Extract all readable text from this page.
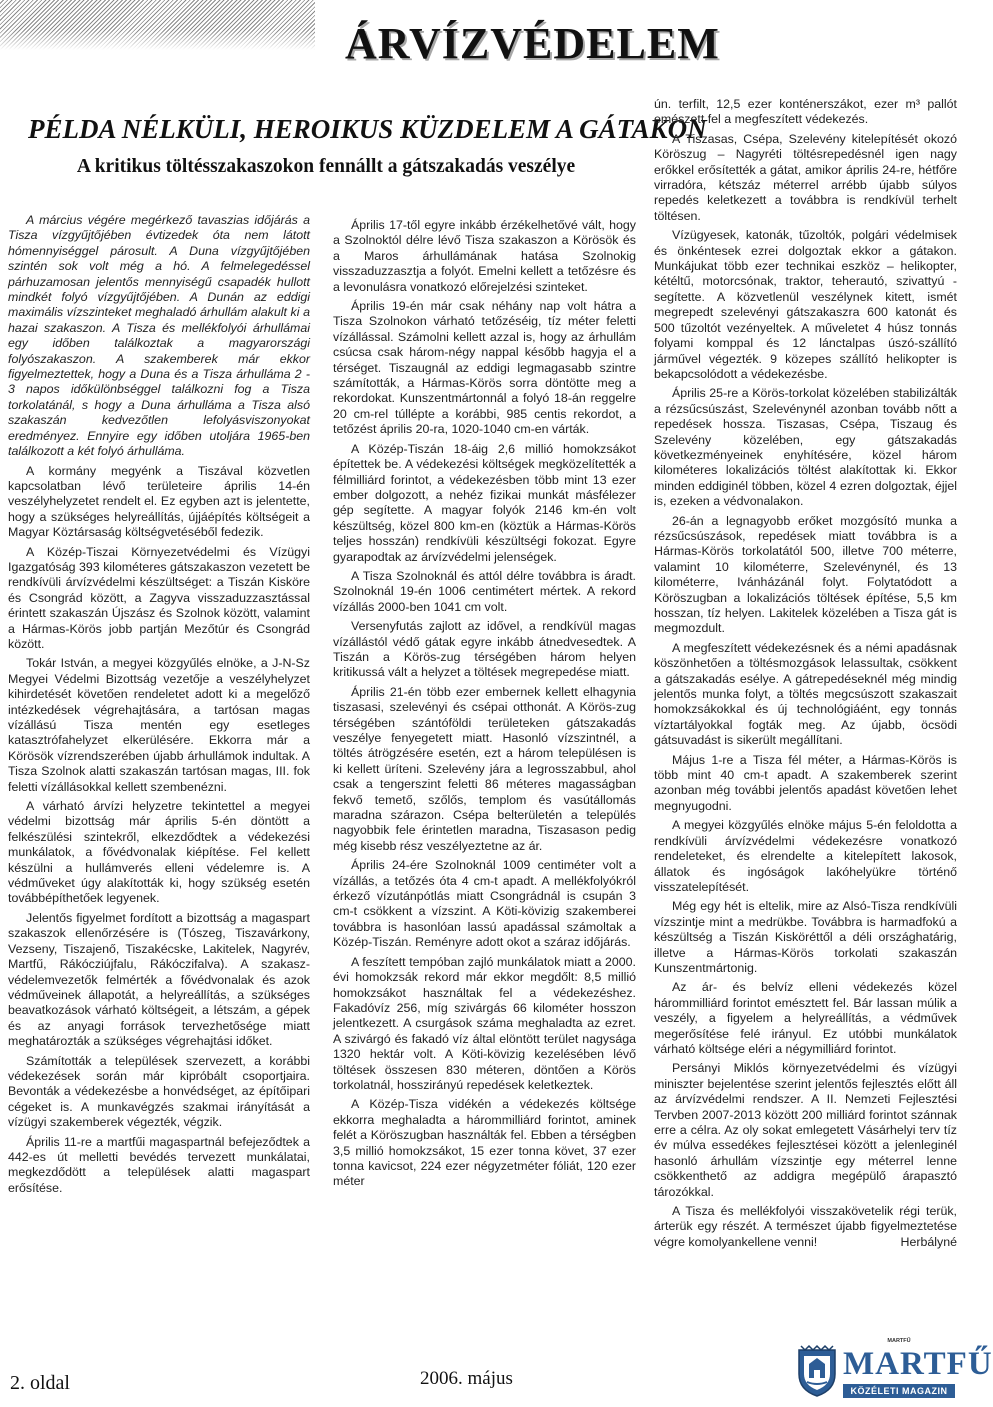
ÁRVÍZVÉDELEM
PÉLDA NÉLKÜLI, HEROIKUS KÜZDELEM A GÁTAKON
A kritikus töltésszakaszokon fennállt a gátszakadás veszélye

A március végére megérkező tavaszias időjárás a Tisza vízgyűjtőjében évtizedek óta nem látott hómennyiséggel párosult. A Duna vízgyűjtőjében szintén sok volt még a hó. A felmelegedéssel párhuzamosan jelentős mennyiségű csapadék hullott mindkét folyó vízgyűjtőjében. A Dunán az eddigi maximális vízszinteket meghaladó árhullám alakult ki a hazai szakaszon. A Tisza és mellékfolyói árhullámai egy időben találkoztak a magyarországi folyószakaszon. A szakemberek már ekkor figyelmeztettek, hogy a Duna és a Tisza árhulláma 2 - 3 napos időkülönbséggel találkozni fog a Tisza torkolatánál, s hogy a Duna árhulláma a Tisza alsó szakaszán kedvezőtlen lefolyásviszonyokat eredményez. Ennyire egy időben utoljára 1965-ben találkozott a két folyó árhulláma.

A kormány megyénk a Tiszával közvetlen kapcsolatban lévő területeire április 14-én veszélyhelyzetet rendelt el. Ez egyben azt is jelentette, hogy a szükséges helyreállítás, újjáépítés költségeit a Magyar Köztársaság költségvetéséből fedezik.

A Közép-Tiszai Környezetvédelmi és Vízügyi Igazgatóság 393 kilométeres gátszakaszon vezetett be rendkívüli árvízvédelmi készültséget: a Tiszán Kisköre és Csongrád között, a Zagyva visszaduzzasztással érintett szakaszán Újszász és Szolnok között, valamint a Hármas-Körös jobb partján Mezőtúr és Csongrád között.

Tokár István, a megyei közgyűlés elnöke, a J-N-Sz Megyei Védelmi Bizottság vezetője a veszélyhelyzet kihirdetését követően rendeletet adott ki a megelőző intézkedések végrehajtására, a tartósan magas vízállású Tisza mentén egy esetleges katasztrófahelyzet elkerülésére. Ekkorra már a Körösök vízrendszerében újabb árhullámok indultak. A Tisza Szolnok alatti szakaszán tartósan magas, III. fok feletti vízállásokkal kellett szembenézni.

A várható árvízi helyzetre tekintettel a megyei védelmi bizottság már április 5-én döntött a felkészülési szintekről, elkezdődtek a védekezési munkálatok, a fővédvonalak kiépítése. Fel kellett készülni a hullámverés elleni védelemre is. A védműveket úgy alakították ki, hogy szükség esetén továbbépíthetőek legyenek.

Jelentős figyelmet fordított a bizottság a magaspart szakaszok ellenőrzésére is (Tószeg, Tiszavárkony, Vezseny, Tiszajenő, Tiszakécske, Lakitelek, Nagyrév, Martfű, Rákócziújfalu, Rákóczifalva). A szakasz-védelemvezetők felmérték a fővédvonalak és azok védműveinek állapotát, a helyreállítás, a szükséges beavatkozások várható költségeit, a létszám, a gépek és az anyagi források tervezhetősége miatt meghatározták a szükséges végrehajtási időket.

Számították a települések szervezett, a korábbi védekezések során már kipróbált csoportjaira. Bevonták a védekezésbe a honvédséget, az építőipari cégeket is. A munkavégzés szakmai irányítását a vízügyi szakemberek végezték, végzik.

Április 11-re a martfűi magaspartnál befejeződtek a 442-es út melletti bevédés tervezett munkálatai, megkezdődött a települések alatti magaspart erősítése.

Április 17-től egyre inkább érzékelhetővé vált, hogy a Szolnoktól délre lévő Tisza szakaszon a Körösök és a Maros árhullámának hatása Szolnokig visszaduzzasztja a folyót. Emelni kellett a tetőzésre és a levonulásra vonatkozó előrejelzési szinteket.

Április 19-én már csak néhány nap volt hátra a Tisza Szolnokon várható tetőzéséig, tíz méter feletti vízállással. Számolni kellett azzal is, hogy az árhullám csúcsa csak három-négy nappal később hagyja el a térséget. Tiszaugnál az eddigi legmagasabb szintre számították, a Hármas-Körös sorra döntötte meg a rekordokat. Kunszentmártonnál a folyó 18-án reggelre 20 cm-rel túllépte a korábbi, 985 centis rekordot, a tetőzést április 20-ra, 1020-1040 cm-en várták.

A Közép-Tiszán 18-áig 2,6 millió homokzsákot építettek be. A védekezési költségek megközelítették a félmilliárd forintot, a védekezésben több mint 13 ezer ember dolgozott, a nehéz fizikai munkát másfélezer gép segítette. A magyar folyók 2146 km-én volt készültség, közel 800 km-en (köztük a Hármas-Körös teljes hosszán) rendkívüli készültségi fokozat. Egyre gyarapodtak az árvízvédelmi jelenségek.

A Tisza Szolnoknál és attól délre továbbra is áradt. Szolnoknál 19-én 1006 centimétert mértek. A rekord vízállás 2000-ben 1041 cm volt.

Versenyfutás zajlott az idővel, a rendkívül magas vízállástól védő gátak egyre inkább átnedvesedtek. A Tiszán a Körös-zug térségében három helyen kritikussá vált a helyzet a töltések megrepedése miatt.

Április 21-én több ezer embernek kellett elhagynia tiszasasi, szelevényi és csépai otthonát. A Körös-zug térségében szántóföldi területeken gátszakadás veszélye fenyegetett miatt. Hasonló vízszintnél, a töltés átrögzésére esetén, ezt a három településen is ki kellett üríteni. Szelevény jára a legrosszabbul, ahol csak a tengerszint feletti 86 méteres magasságban fekvő temető, szőlős, templom és vasútállomás maradna szárazon. Csépa belterületén a település nagyobbik fele érintetlen maradna, Tiszasason pedig még kisebb rész veszélyeztetne az ár.

Április 24-ére Szolnoknál 1009 centiméter volt a vízállás, a tetőzés óta 4 cm-t apadt. A mellékfolyókról érkező vízutánpótlás miatt Csongrádnál is csupán 3 cm-t csökkent a vízszint. A Köti-kövizig szakemberei továbbra is hasonlóan lassú apadással számoltak a Közép-Tiszán. Reményre adott okot a száraz időjárás.

A feszített tempóban zajló munkálatok miatt a 2000. évi homokzsák rekord már ekkor megdőlt: 8,5 millió homokzsákot használtak fel a védekezéshez. Fakadóvíz 256, míg szivárgás 66 kilométer hosszon jelentkezett. A csurgások száma meghaladta az ezret. A szivárgó és fakadó víz által elöntött terület nagysága 1320 hektár volt. A Köti-kövizig kezelésében lévő töltések összesen 830 méteren, döntően a Körös torkolatnál, hosszirányú repedések keletkeztek.

A Közép-Tisza vidékén a védekezés költsége ekkorra meghaladta a hárommilliárd forintot, aminek felét a Köröszugban használták fel. Ebben a térségben 3,5 millió homokzsákot, 15 ezer tonna követ, 37 ezer tonna kavicsot, 224 ezer négyzetméter fóliát, 120 ezer méter

ún. terfilt, 12,5 ezer konténerszákot, ezer m³ pallót emészett fel a megfeszített védekezés.

A Tiszasas, Csépa, Szelevény kitelepítését okozó Köröszug – Nagyréti töltésrepedésnél igen nagy erőkkel erősítették a gátat, amikor április 24-re, hétfőre virradóra, kétszáz méterrel arrébb újabb súlyos repedés keletkezett a továbbra is rendkívül terhelt töltésen.

Vízügyesek, katonák, tűzoltók, polgári védelmisek és önkéntesek ezrei dolgoztak ekkor a gátakon. Munkájukat több ezer technikai eszköz – helikopter, kétéltű, motorcsónak, traktor, teherautó, szivattyú - segítette. A közvetlenül veszélynek kitett, ismét megrepedt szelevényi gátszakaszra 600 katonát és 500 tűzoltót vezényeltek. A műveletet 4 húsz tonnás folyami komppal és 12 lánctalpas úszó-szállító járművel végezték. 9 közepes szállító helikopter is bekapcsolódott a védekezésbe.

Április 25-re a Körös-torkolat közelében stabilizálták a rézsűcsúszást, Szelevénynél azonban tovább nőtt a repedések hossza. Tiszasas, Csépa, Tiszaug és Szelevény közelében, egy gátszakadás következményeinek enyhítésére, közel három kilométeres lokalizációs töltést alakítottak ki. Ekkor minden eddiginél többen, közel 4 ezren dolgoztak, éjjel is, ezeken a védvonalakon.

26-án a legnagyobb erőket mozgósító munka a rézsűcsúszások, repedések miatt továbbra is a Hármas-Körös torkolatától 500, illetve 700 méterre, valamint 10 kilométerre, Szelevénynél, és 13 kilométerre, Ivánházánál folyt. Folytatódott a Köröszugban a lokalizációs töltések építése, 5,5 km hosszan, tíz helyen. Lakitelek közelében a Tisza gát is megmozdult.

A megfeszített védekezésnek és a némi apadásnak köszönhetően a töltésmozgások lelassultak, csökkent a gátszakadás esélye. A gátrepedéseknél még mindig jelentős munka folyt, a töltés megcsúszott szakaszait homokzsákokkal és új technológiáént, egy tonnás víztartályokkal fogták meg. Az újabb, öcsödi gátsuvadást is sikerült megállítani.

Május 1-re a Tisza fél méter, a Hármas-Körös is több mint 40 cm-t apadt. A szakemberek szerint azonban még további jelentős apadást követően lehet megnyugodni.

A megyei közgyűlés elnöke május 5-én feloldotta a rendkívüli árvízvédelmi védekezésre vonatkozó rendeleteket, és elrendelte a kitelepített lakosok, állatok és ingóságok lakóhelyükre történő visszatelepítését.

Még egy hét is eltelik, mire az Alsó-Tisza rendkívüli vízszintje mint a medrükbe. Továbbra is harmadfokú a készültség a Tiszán Kisköréttől a déli országhatárig, illetve a Hármas-Körös torkolati szakaszán Kunszentmártonig.

Az ár- és belvíz elleni védekezés közel hárommilliárd forintot emésztett fel. Bár lassan múlik a veszély, a figyelem a helyreállítás, a védművek megerősítése felé irányul. Ez utóbbi munkálatok várható költsége eléri a négymilliárd forintot.

Persányi Miklós környezetvédelmi és vízügyi miniszter bejelentése szerint jelentős fejlesztés előtt áll az árvízvédelmi rendszer. A II. Nemzeti Fejlesztési Tervben 2007-2013 között 200 milliárd forintot szánnak erre a célra. Az oly sokat emlegetett Vásárhelyi terv tíz év múlva essedékes fejlesztései között a jelenleginél hasonló árhullám vízszintje egy méterrel lenne csökkenthető az addigra megépülő árapasztó tározókkal.

A Tisza és mellékfolyói visszakövetelik régi terük, árterük egy részét. A természet újabb figyelmeztetése végre komolyankellene venni!	Herbályné

2. oldal	2006. május

MARTFŰ

MARTFŰ

KÖZÉLETI MAGAZIN
